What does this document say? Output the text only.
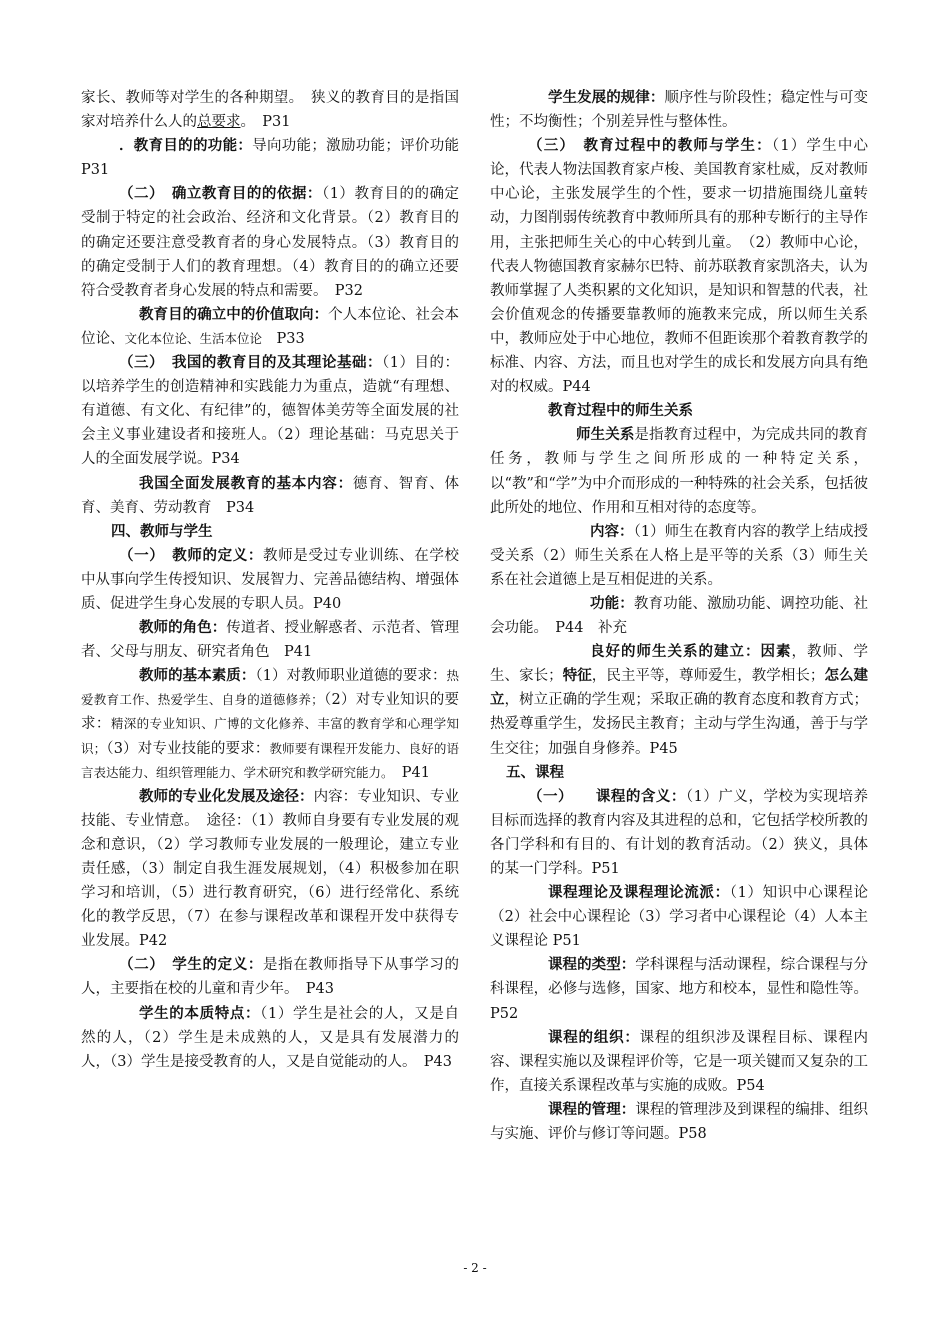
家长、教师等对学生的各种期望。　狭义的教育目的是指国家对培养什么人的总要求。　P31

．教育目的的功能：导向功能；激励功能；评价功能　P31

（二）　 确立教育目的的依据：（1）教育目的的确定受制于特定的社会政治、经济和文化背景。（2）教育目的的确定还要注意受教育者的身心发展特点。（3）教育目的的确定受制于人们的教育理想。（4）教育目的的确立还要符合受教育者身心发展的特点和需要。　P32

教育目的确立中的价值取向：个人本位论、社会本位论、文化本位论、生活本位论　P33

（三）　 我国的教育目的及其理论基础：（1）目的：以培养学生的创造精神和实践能力为重点，造就“有理想、有道德、有文化、有纪律”的，德智体美劳等全面发展的社会主义事业建设者和接班人。（2）理论基础：马克思关于人的全面发展学说。P34

我国全面发展教育的基本内容：德育、智育、体育、美育、劳动教育　P34

四、教师与学生

（一）　 教师的定义：教师是受过专业训练、在学校中从事向学生传授知识、发展智力、完善品德结构、增强体质、促进学生身心发展的专职人员。P40

教师的角色：传道者、授业解惑者、示范者、管理者、父母与朋友、研究者角色　P41

教师的基本素质：（1）对教师职业道德的要求：热爱教育工作、热爱学生、自身的道德修养；（2）对专业知识的要求：精深的专业知识、广博的文化修养、丰富的教育学和心理学知识；（3）对专业技能的要求：教师要有课程开发能力、良好的语言表达能力、组织管理能力、学术研究和教学研究能力。　P41

教师的专业化发展及途径：内容：专业知识、专业技能、专业情意。　途径：（1）教师自身要有专业发展的观念和意识，（2）学习教师专业发展的一般理论，建立专业责任感，（3）制定自我生涯发展规划，（4）积极参加在职学习和培训，（5）进行教育研究，（6）进行经常化、系统化的教学反思，（7）在参与课程改革和课程开发中获得专业发展。P42

（二）　 学生的定义：是指在教师指导下从事学习的人，主要指在校的儿童和青少年。　P43

学生的本质特点：（1）学生是社会的人，又是自然的人，（2）学生是未成熟的人，又是具有发展潜力的人，（3）学生是接受教育的人，又是自觉能动的人。　P43

学生发展的规律：顺序性与阶段性；稳定性与可变性；不均衡性；个别差异性与整体性。

（三）　 教育过程中的教师与学生：（1）学生中心论，代表人物法国教育家卢梭、美国教育家杜威，反对教师中心论，主张发展学生的个性，要求一切措施围绕儿童转动，力图削弱传统教育中教师所具有的那种专断行的主导作用，主张把师生关心的中心转到儿童。　（2）教师中心论，代表人物德国教育家赫尔巴特、前苏联教育家凯洛夫，认为教师掌握了人类积累的文化知识，是知识和智慧的代表，社会价值观念的传播要靠教师的施教来完成，所以师生关系中，教师应处于中心地位，教师不但距诶那个着教育教学的标准、内容、方法，而且也对学生的成长和发展方向具有绝对的权威。P44

教育过程中的师生关系

师生关系是指教育过程中，为完成共同的教育任务，教师与学生之间所形成的一种特定关系，以“教”和“学”为中介而形成的一种特殊的社会关系，包括彼此所处的地位、作用和互相对待的态度等。

内容：（1）师生在教育内容的教学上结成授受关系（2）师生关系在人格上是平等的关系（3）师生关系在社会道德上是互相促进的关系。

功能：教育功能、激励功能、调控功能、社会功能。　P44　补充

良好的师生关系的建立：因素，教师、学生、家长；特征，民主平等，尊师爱生，教学相长；怎么建立，树立正确的学生观；采取正确的教育态度和教育方式；热爱尊重学生，发扬民主教育；主动与学生沟通，善于与学生交往；加强自身修养。P45

五、课程

（一）　　 课程的含义：（1）广义，学校为实现培养目标而选择的教育内容及其进程的总和，它包括学校所教的各门学科和有目的、有计划的教育活动。（2）狭义，具体的某一门学科。P51

课程理论及课程理论流派：（1）知识中心课程论（2）社会中心课程论（3）学习者中心课程论（4）人本主义课程论 P51

课程的类型：学科课程与活动课程，综合课程与分科课程，必修与选修，国家、地方和校本，显性和隐性等。P52

课程的组织：课程的组织涉及课程目标、课程内容、课程实施以及课程评价等，它是一项关键而又复杂的工作，直接关系课程改革与实施的成败。P54

课程的管理：课程的管理涉及到课程的编排、组织与实施、评价与修订等问题。P58

- 2 -
